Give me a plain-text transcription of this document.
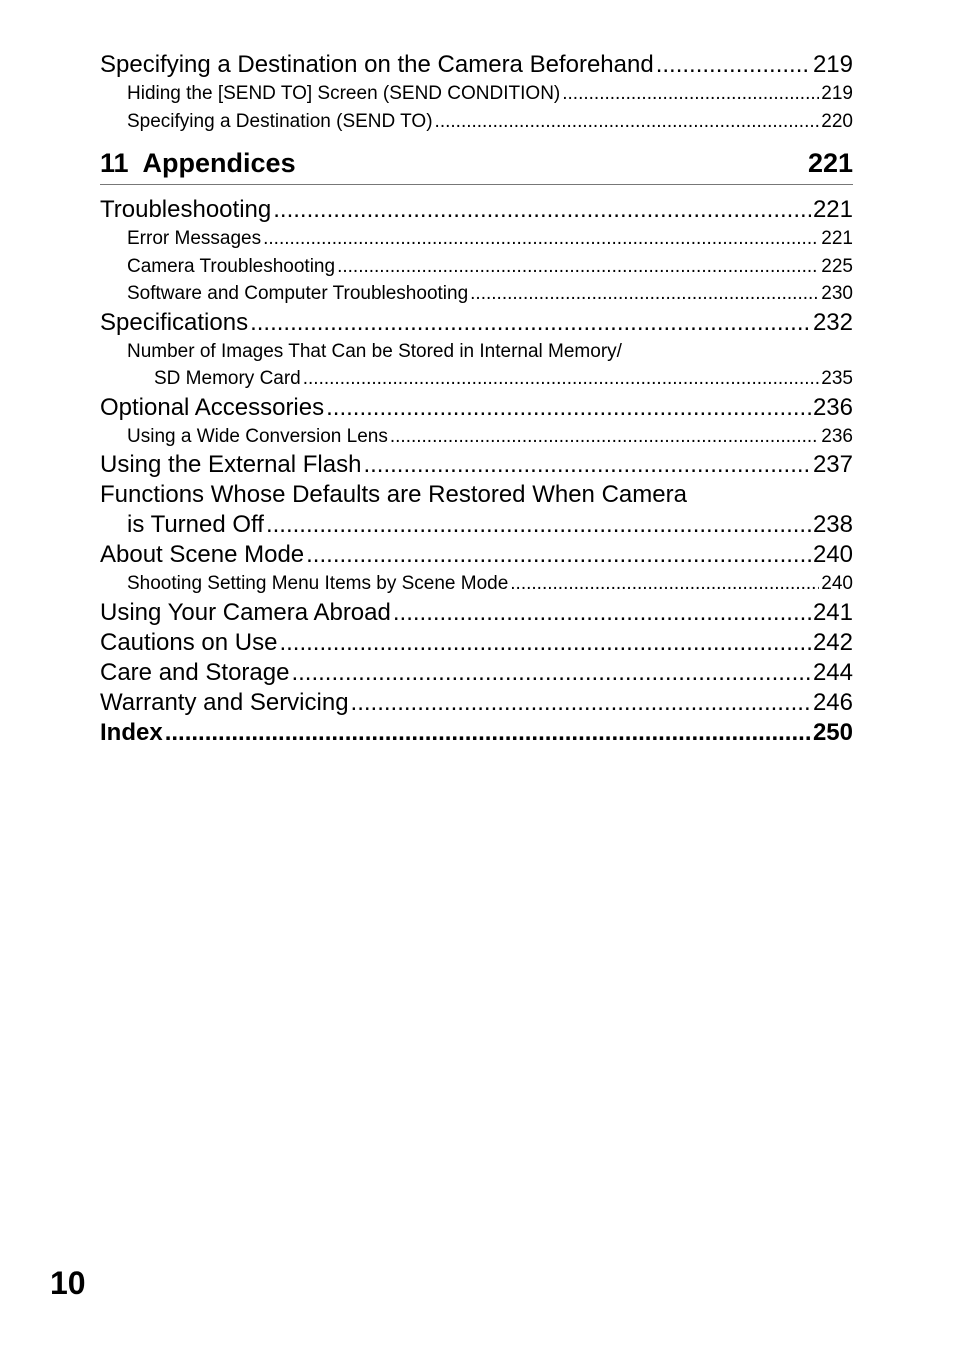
Specifying a Destination on the Camera Beforehand .....	219
Hiding the [SEND TO] Screen (SEND CONDITION) .....	219
Specifying a Destination (SEND TO) .....	220
11  Appendices	221
Troubleshooting .....	221
Error Messages .....	221
Camera Troubleshooting .....	225
Software and Computer Troubleshooting .....	230
Specifications .....	232
Number of Images That Can be Stored in Internal Memory/
SD Memory Card .....	235
Optional Accessories .....	236
Using a Wide Conversion Lens .....	236
Using the External Flash .....	237
Functions Whose Defaults are Restored When Camera
is Turned Off .....	238
About Scene Mode .....	240
Shooting Setting Menu Items by Scene Mode .....	240
Using Your Camera Abroad .....	241
Cautions on Use .....	242
Care and Storage .....	244
Warranty and Servicing .....	246
Index .....	250
10
